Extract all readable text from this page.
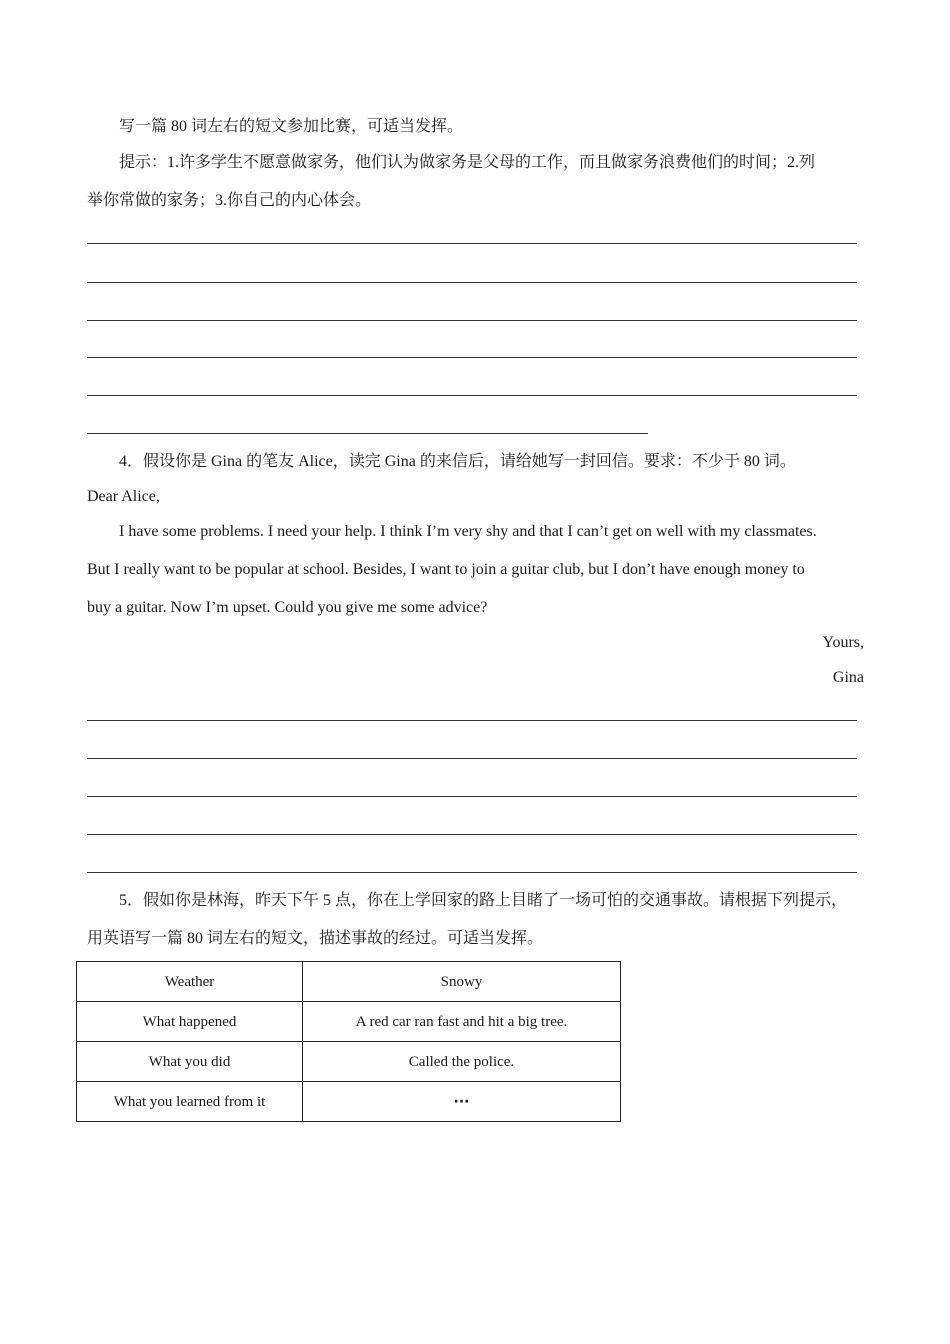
写一篇 80 词左右的短文参加比赛，可适当发挥。
提示：1.许多学生不愿意做家务，他们认为做家务是父母的工作，而且做家务浪费他们的时间；2.列
举你常做的家务；3.你自己的内心体会。
4．假设你是 Gina 的笔友 Alice，读完 Gina 的来信后，请给她写一封回信。要求：不少于 80 词。
Dear Alice,
I have some problems. I need your help. I think I’m very shy and that I can’t get on well with my classmates.
But I really want to be popular at school. Besides, I want to join a guitar club, but I don’t have enough money to
buy a guitar. Now I’m upset. Could you give me some advice?
Yours,
Gina
5．假如你是林海，昨天下午 5 点，你在上学回家的路上目睹了一场可怕的交通事故。请根据下列提示，
用英语写一篇 80 词左右的短文，描述事故的经过。可适当发挥。
Weather	Snowy
What happened	A red car ran fast and hit a big tree.
What you did	Called the police.
What you learned from it	···
